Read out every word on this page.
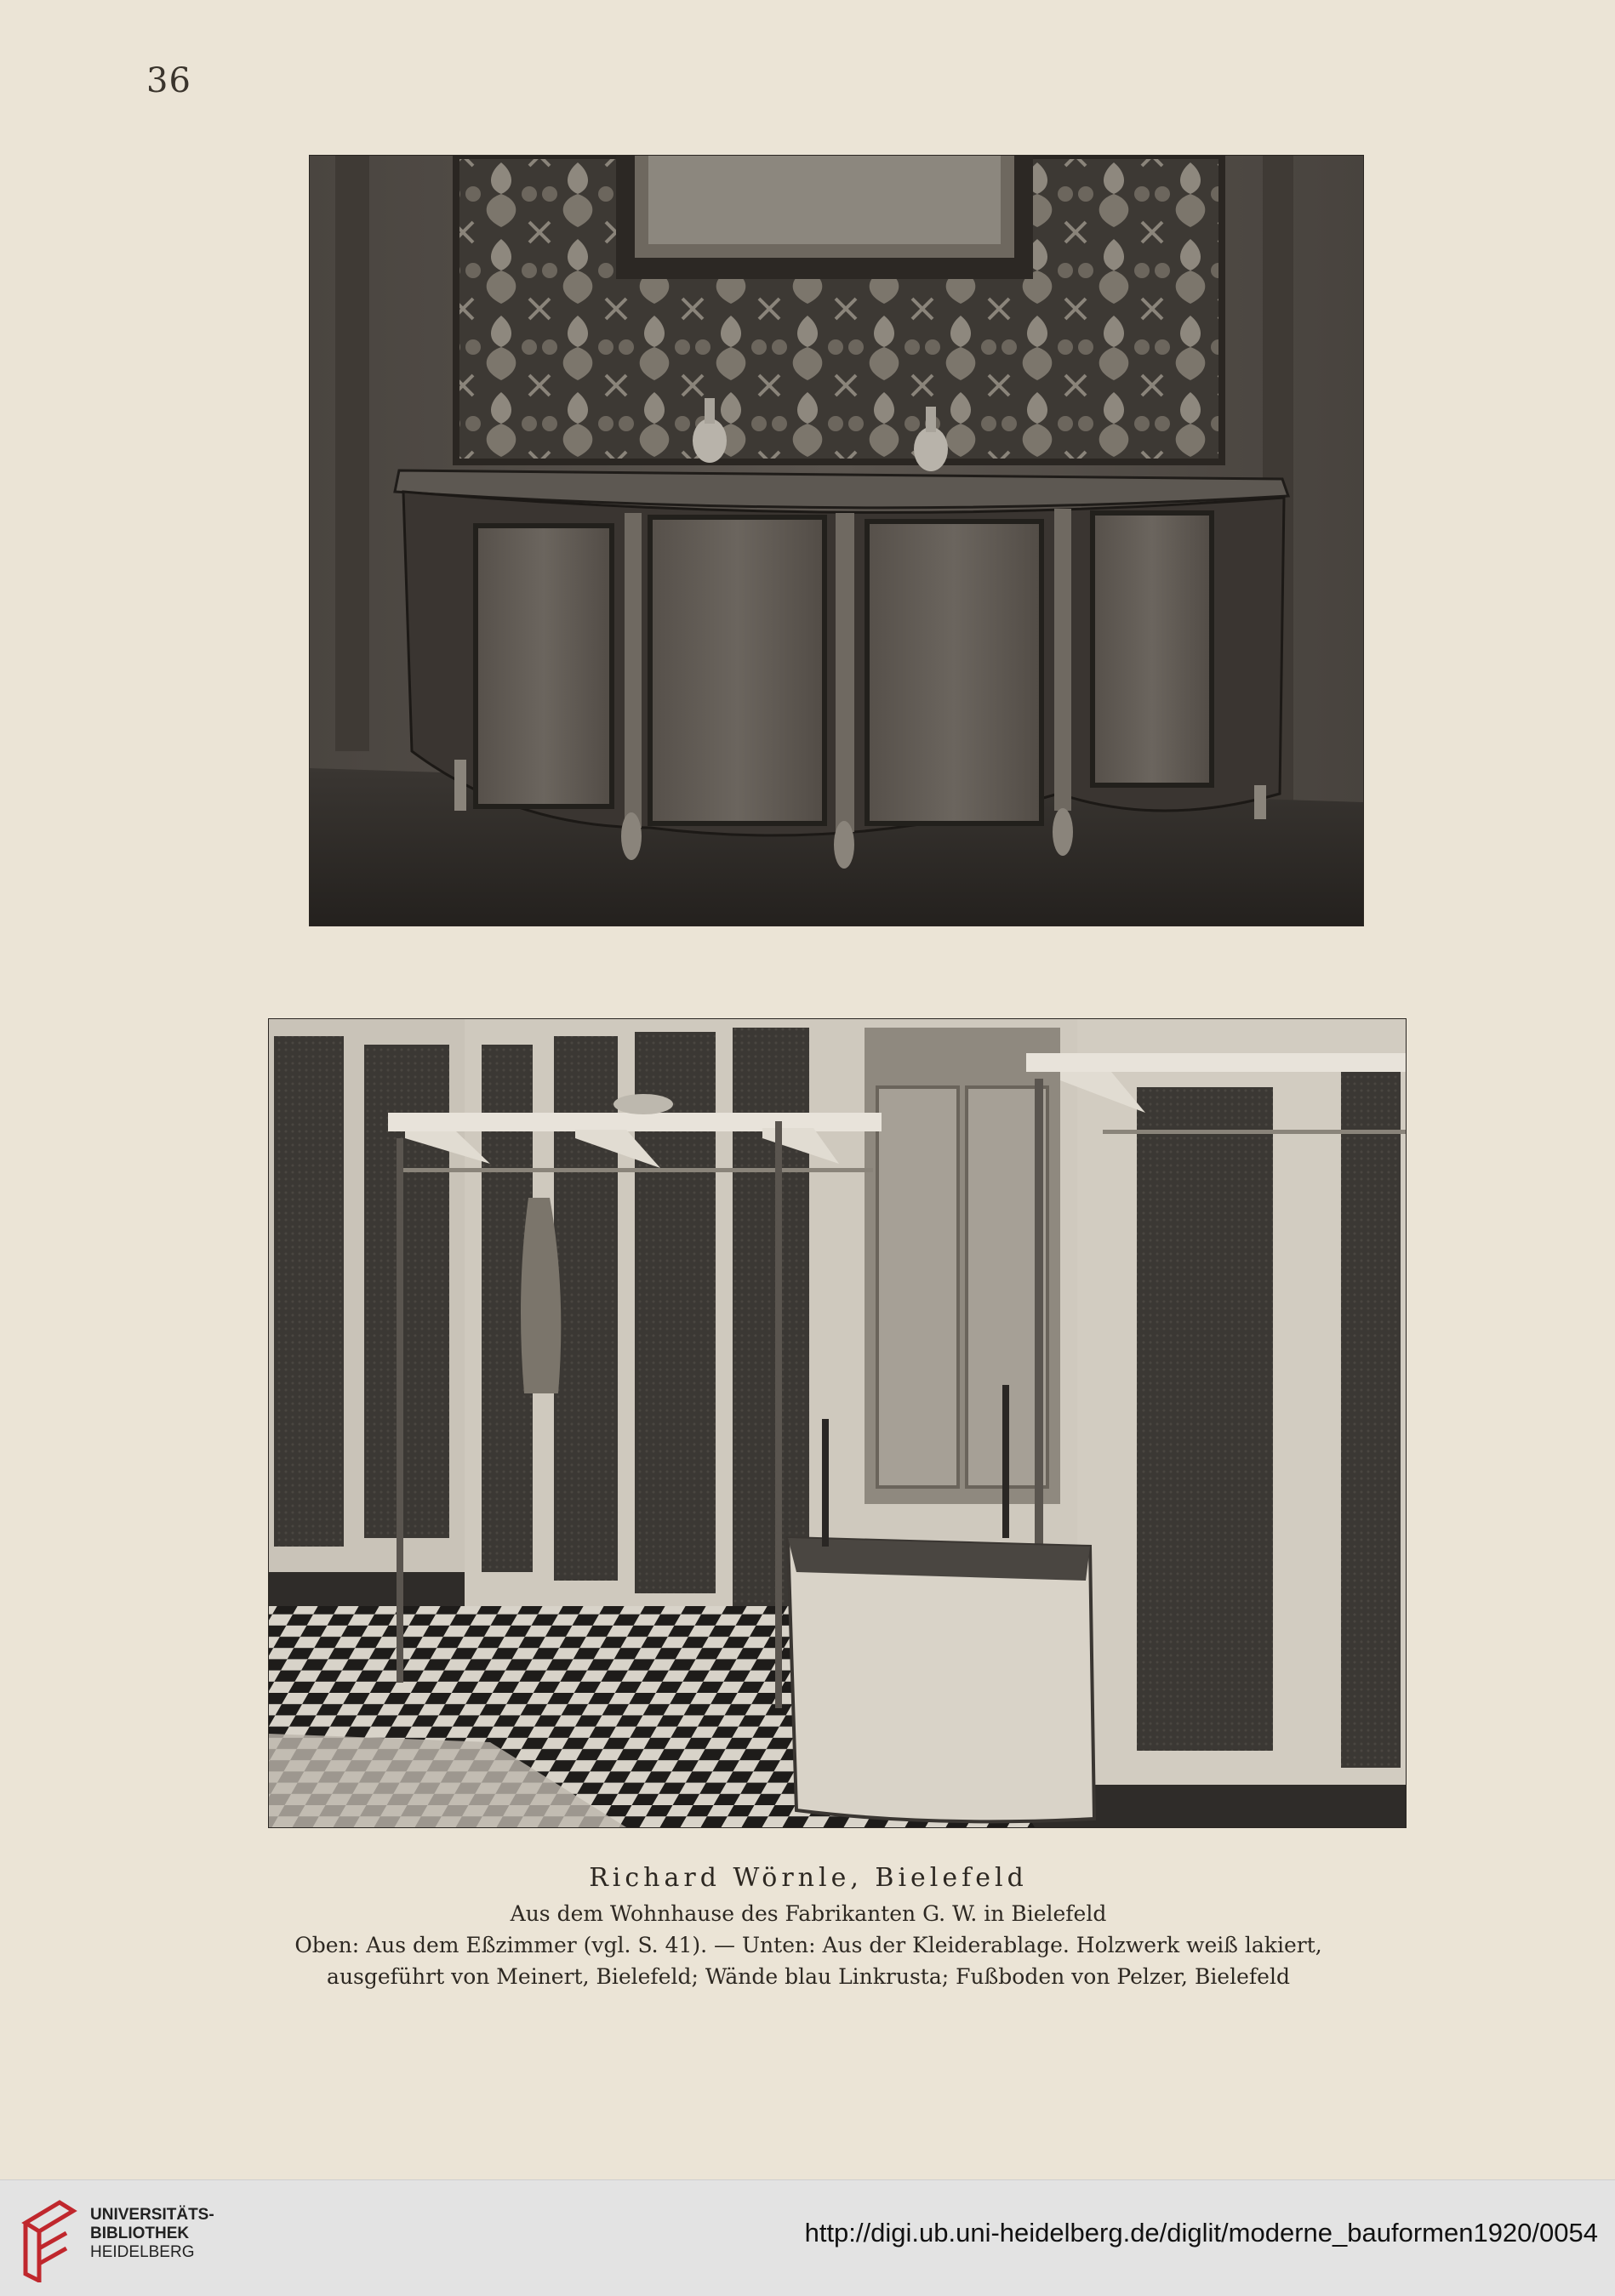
36
Richard Wörnle, Bielefeld
Aus dem Wohnhause des Fabrikanten G. W. in Bielefeld
Oben: Aus dem Eßzimmer (vgl. S. 41). — Unten: Aus der Kleiderablage. Holzwerk weiß lakiert,
ausgeführt von Meinert, Bielefeld; Wände blau Linkrusta; Fußboden von Pelzer, Bielefeld
UNIVERSITÄTS-
BIBLIOTHEK
HEIDELBERG
http://digi.ub.uni-heidelberg.de/diglit/moderne_bauformen1920/0054
